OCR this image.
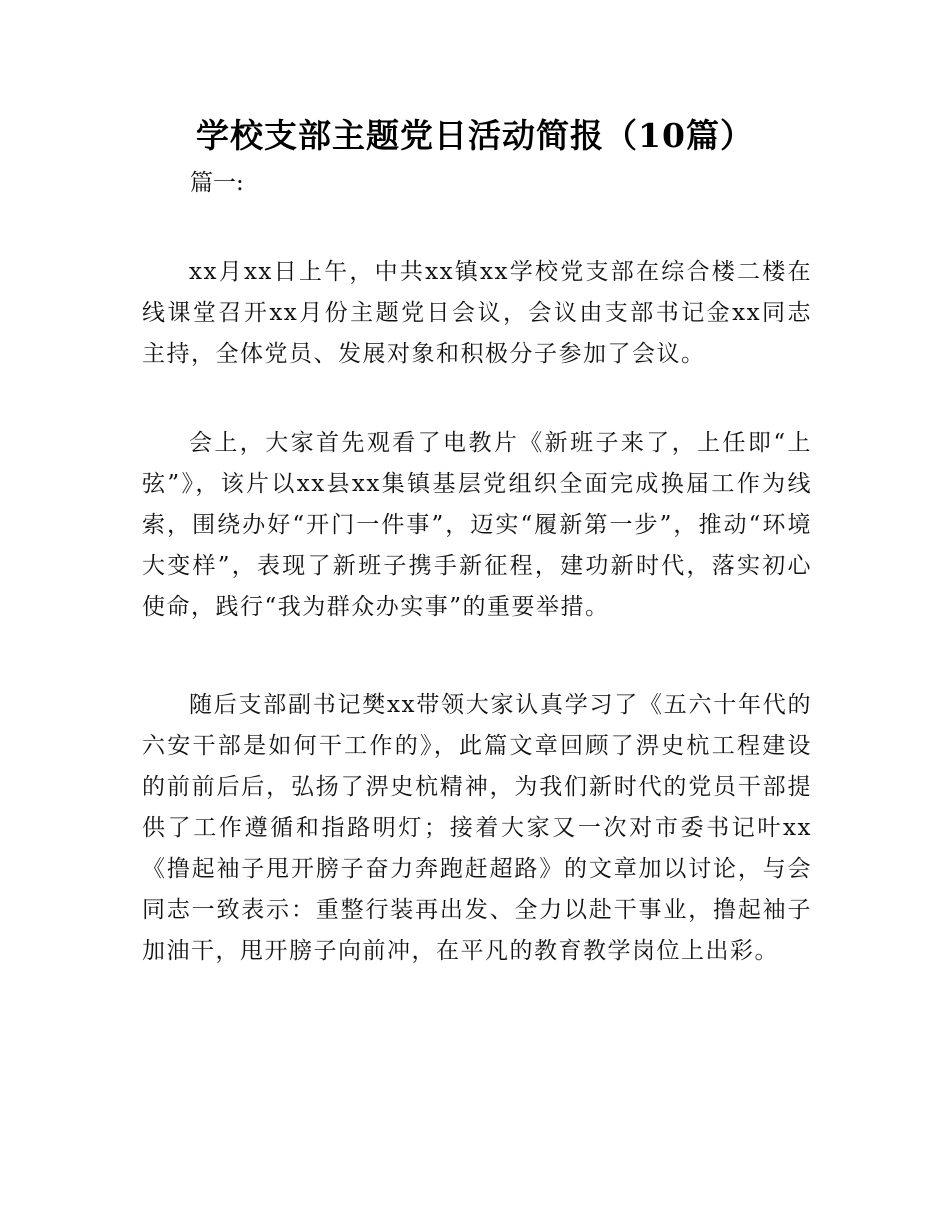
学校支部主题党日活动简报（10篇）
篇一:

xx月xx日上午，中共xx镇xx学校党支部在综合楼二楼在线课堂召开xx月份主题党日会议，会议由支部书记金xx同志主持，全体党员、发展对象和积极分子参加了会议。

会上，大家首先观看了电教片《新班子来了，上任即“上弦”》，该片以xx县xx集镇基层党组织全面完成换届工作为线索，围绕办好“开门一件事”，迈实“履新第一步”，推动“环境大变样”，表现了新班子携手新征程，建功新时代，落实初心使命，践行“我为群众办实事”的重要举措。

随后支部副书记樊xx带领大家认真学习了《五六十年代的六安干部是如何干工作的》，此篇文章回顾了淠史杭工程建设的前前后后，弘扬了淠史杭精神，为我们新时代的党员干部提供了工作遵循和指路明灯；接着大家又一次对市委书记叶xx《撸起袖子甩开膀子奋力奔跑赶超路》的文章加以讨论，与会同志一致表示：重整行装再出发、全力以赴干事业，撸起袖子加油干，甩开膀子向前冲，在平凡的教育教学岗位上出彩。
